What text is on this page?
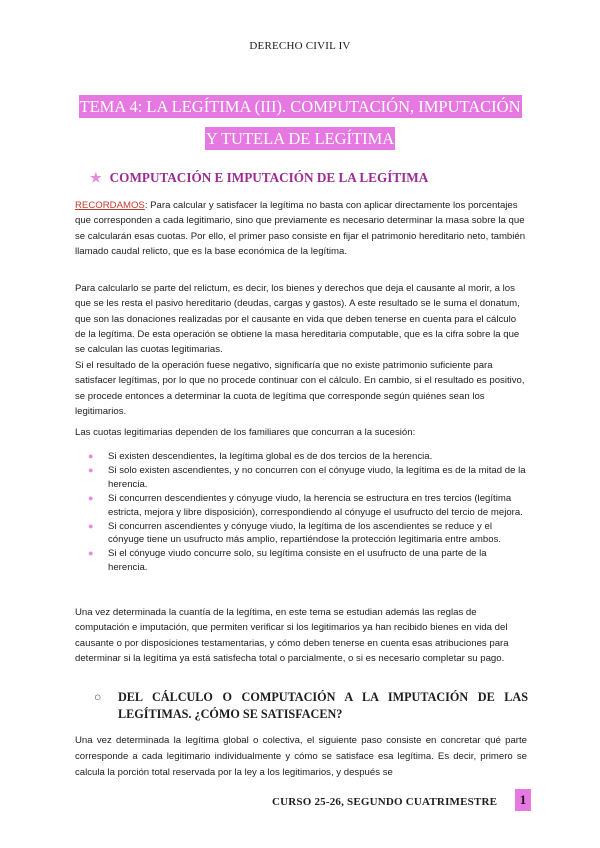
DERECHO CIVIL IV
TEMA 4: LA LEGÍTIMA (III). COMPUTACIÓN, IMPUTACIÓN
Y TUTELA DE LEGÍTIMA
★ COMPUTACIÓN E IMPUTACIÓN DE LA LEGÍTIMA
RECORDAMOS: Para calcular y satisfacer la legítima no basta con aplicar directamente los porcentajes que corresponden a cada legitimario, sino que previamente es necesario determinar la masa sobre la que se calcularán esas cuotas. Por ello, el primer paso consiste en fijar el patrimonio hereditario neto, también llamado caudal relicto, que es la base económica de la legítima.
Para calcularlo se parte del relictum, es decir, los bienes y derechos que deja el causante al morir, a los que se les resta el pasivo hereditario (deudas, cargas y gastos). A este resultado se le suma el donatum, que son las donaciones realizadas por el causante en vida que deben tenerse en cuenta para el cálculo de la legítima. De esta operación se obtiene la masa hereditaria computable, que es la cifra sobre la que se calculan las cuotas legitimarias.
Si el resultado de la operación fuese negativo, significaría que no existe patrimonio suficiente para satisfacer legítimas, por lo que no procede continuar con el cálculo. En cambio, si el resultado es positivo, se procede entonces a determinar la cuota de legítima que corresponde según quiénes sean los legitimarios.
Las cuotas legitimarias dependen de los familiares que concurran a la sucesión:
● Si existen descendientes, la legítima global es de dos tercios de la herencia.
● Si solo existen ascendientes, y no concurren con el cónyuge viudo, la legítima es de la mitad de la herencia.
● Si concurren descendientes y cónyuge viudo, la herencia se estructura en tres tercios (legítima estricta, mejora y libre disposición), correspondiendo al cónyuge el usufructo del tercio de mejora.
● Si concurren ascendientes y cónyuge viudo, la legítima de los ascendientes se reduce y el cónyuge tiene un usufructo más amplio, repartiéndose la protección legitimaria entre ambos.
● Si el cónyuge viudo concurre solo, su legítima consiste en el usufructo de una parte de la herencia.
Una vez determinada la cuantía de la legítima, en este tema se estudian además las reglas de computación e imputación, que permiten verificar si los legitimarios ya han recibido bienes en vida del causante o por disposiciones testamentarias, y cómo deben tenerse en cuenta esas atribuciones para determinar si la legítima ya está satisfecha total o parcialmente, o si es necesario completar su pago.
○ DEL CÁLCULO O COMPUTACIÓN A LA IMPUTACIÓN DE LAS LEGÍTIMAS. ¿CÓMO SE SATISFACEN?
Una vez determinada la legítima global o colectiva, el siguiente paso consiste en concretar qué parte corresponde a cada legitimario individualmente y cómo se satisface esa legítima. Es decir, primero se calcula la porción total reservada por la ley a los legitimarios, y después se
CURSO 25-26, SEGUNDO CUATRIMESTRE	1
